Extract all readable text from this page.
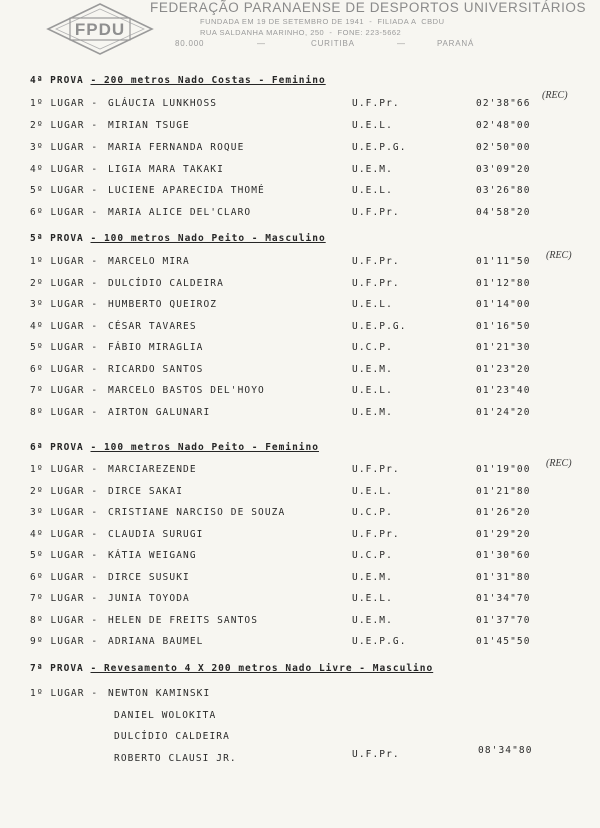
FPDU
FEDERAÇÃO PARANAENSE DE DESPORTOS UNIVERSITÁRIOS
FUNDADA EM 19 DE SETEMBRO DE 1941  -  FILIADA A  CBDU
RUA SALDANHA MARINHO, 250  -  FONE: 223-5662
80.000	—	CURITIBA	—	PARANÁ
4ª PROVA - 200 metros Nado Costas - Feminino
1º LUGAR - GLÁUCIA LUNKHOSS	U.F.Pr.	02'38"66
(REC)
2º LUGAR - MIRIAN TSUGE	U.E.L.	02'48"00
3º LUGAR - MARIA FERNANDA ROQUE	U.E.P.G.	02'50"00
4º LUGAR - LIGIA MARA TAKAKI	U.E.M.	03'09"20
5º LUGAR - LUCIENE APARECIDA THOMÉ	U.E.L.	03'26"80
6º LUGAR - MARIA ALICE DEL'CLARO	U.F.Pr.	04'58"20
5ª PROVA - 100 metros Nado Peito - Masculino
1º LUGAR - MARCELO MIRA	U.F.Pr.	01'11"50
(REC)
2º LUGAR - DULCÍDIO CALDEIRA	U.F.Pr.	01'12"80
3º LUGAR - HUMBERTO QUEIROZ	U.E.L.	01'14"00
4º LUGAR - CÉSAR TAVARES	U.E.P.G.	01'16"50
5º LUGAR - FÁBIO MIRAGLIA	U.C.P.	01'21"30
6º LUGAR - RICARDO SANTOS	U.E.M.	01'23"20
7º LUGAR - MARCELO BASTOS DEL'HOYO	U.E.L.	01'23"40
8º LUGAR - AIRTON GALUNARI	U.E.M.	01'24"20
6ª PROVA - 100 metros Nado Peito - Feminino
1º LUGAR - MARCIAREZENDE	U.F.Pr.	01'19"00
(REC)
2º LUGAR - DIRCE SAKAI	U.E.L.	01'21"80
3º LUGAR - CRISTIANE NARCISO DE SOUZA	U.C.P.	01'26"20
4º LUGAR - CLAUDIA SURUGI	U.F.Pr.	01'29"20
5º LUGAR - KÁTIA WEIGANG	U.C.P.	01'30"60
6º LUGAR - DIRCE SUSUKI	U.E.M.	01'31"80
7º LUGAR - JUNIA TOYODA	U.E.L.	01'34"70
8º LUGAR - HELEN DE FREITS SANTOS	U.E.M.	01'37"70
9º LUGAR - ADRIANA BAUMEL	U.E.P.G.	01'45"50
7ª PROVA - Revesamento 4 X 200 metros Nado Livre - Masculino
1º LUGAR - NEWTON KAMINSKI
DANIEL WOLOKITA
DULCÍDIO CALDEIRA
ROBERTO CLAUSI JR.	U.F.Pr.	08'34"80
